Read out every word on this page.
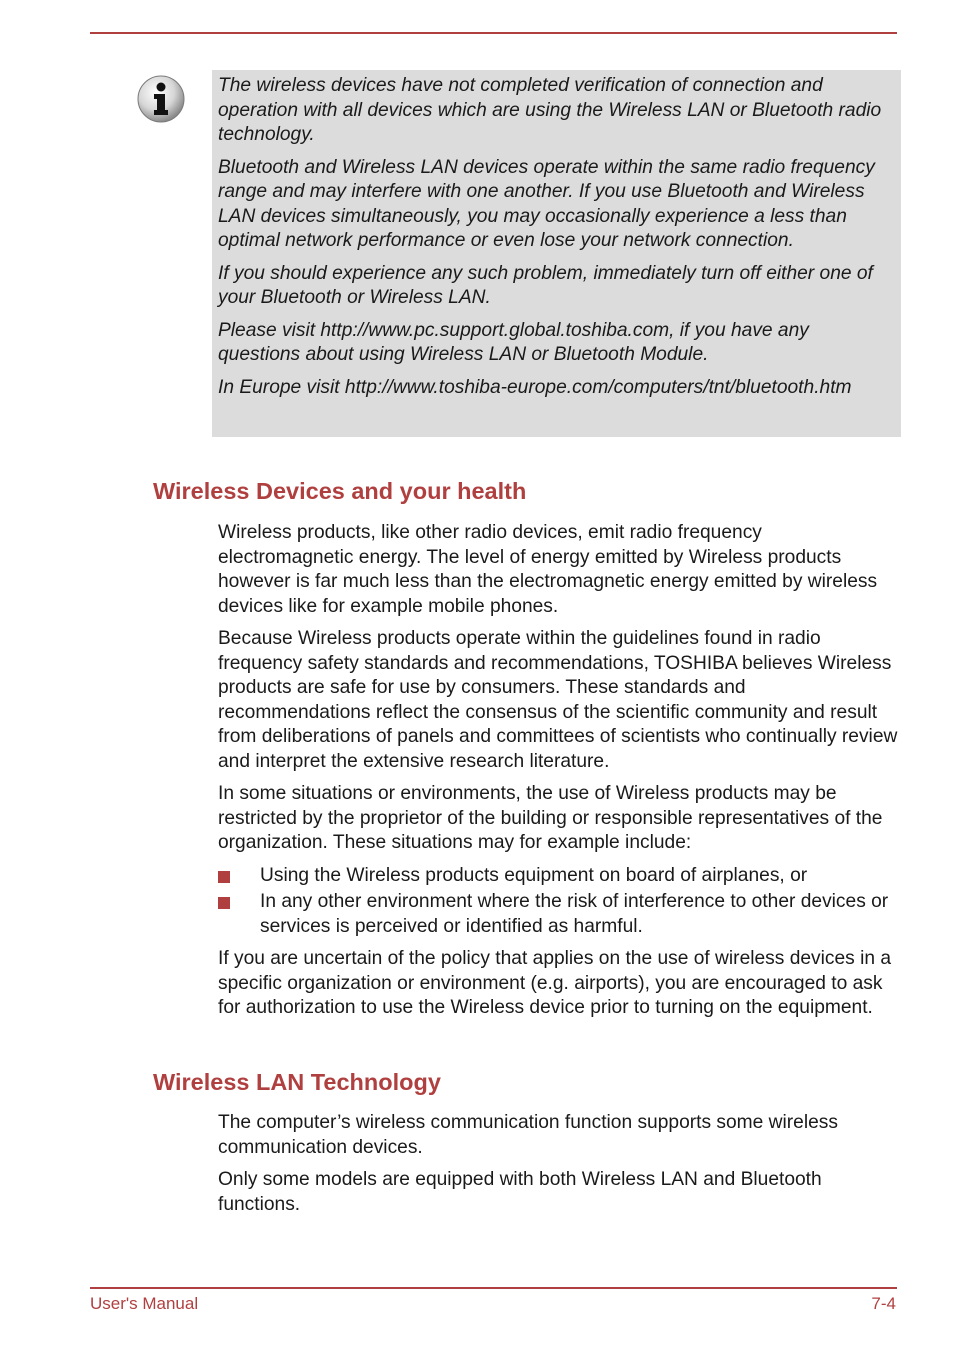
The wireless devices have not completed verification of connection and operation with all devices which are using the Wireless LAN or Bluetooth radio technology.

Bluetooth and Wireless LAN devices operate within the same radio frequency range and may interfere with one another. If you use Bluetooth and Wireless LAN devices simultaneously, you may occasionally experience a less than optimal network performance or even lose your network connection.

If you should experience any such problem, immediately turn off either one of your Bluetooth or Wireless LAN.

Please visit http://www.pc.support.global.toshiba.com, if you have any questions about using Wireless LAN or Bluetooth Module.

In Europe visit http://www.toshiba-europe.com/computers/tnt/bluetooth.htm

Wireless Devices and your health

Wireless products, like other radio devices, emit radio frequency electromagnetic energy. The level of energy emitted by Wireless products however is far much less than the electromagnetic energy emitted by wireless devices like for example mobile phones.

Because Wireless products operate within the guidelines found in radio frequency safety standards and recommendations, TOSHIBA believes Wireless products are safe for use by consumers. These standards and recommendations reflect the consensus of the scientific community and result from deliberations of panels and committees of scientists who continually review and interpret the extensive research literature.

In some situations or environments, the use of Wireless products may be restricted by the proprietor of the building or responsible representatives of the organization. These situations may for example include:

Using the Wireless products equipment on board of airplanes, or
In any other environment where the risk of interference to other devices or services is perceived or identified as harmful.

If you are uncertain of the policy that applies on the use of wireless devices in a specific organization or environment (e.g. airports), you are encouraged to ask for authorization to use the Wireless device prior to turning on the equipment.

Wireless LAN Technology

The computer’s wireless communication function supports some wireless communication devices.

Only some models are equipped with both Wireless LAN and Bluetooth functions.

User's Manual	7-4
